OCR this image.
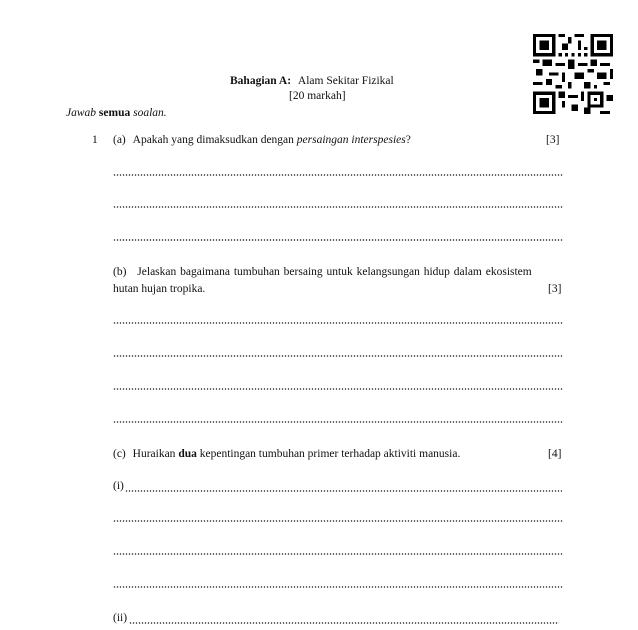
Bahagian A: Alam Sekitar Fizikal
[20 markah]
Jawab semua soalan.
1 (a) Apakah yang dimaksudkan dengan persaingan interspesies?	[3]
(b) Jelaskan bagaimana tumbuhan bersaing untuk kelangsungan hidup dalam ekosistem
hutan hujan tropika.	[3]
(c) Huraikan dua kepentingan tumbuhan primer terhadap aktiviti manusia.	[4]
(i)
(ii)
